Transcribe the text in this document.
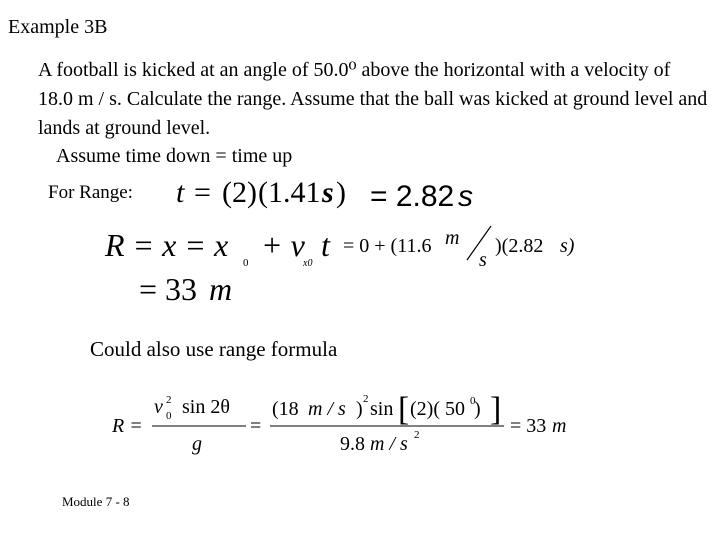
Example 3B
A football is kicked at an angle of 50.0⁰ above the horizontal with a velocity of 18.0 m / s. Calculate the range. Assume that the ball was kicked at ground level and lands at ground level.
Assume time down = time up
For Range: t = (2) (1.41 s ) = 2.82 s
R = x = x 0 + v
x0
t = 0 + (11.6 m
s
)(2.82 s)
= 33 m
Could also use range formula
R =
v 0
2 sin 2θ
g
=
(18 m / s ) 2 sin [ (2)( 50 0
) ]
9.8 m / s 2	= 33 m
Module 7 - 8
